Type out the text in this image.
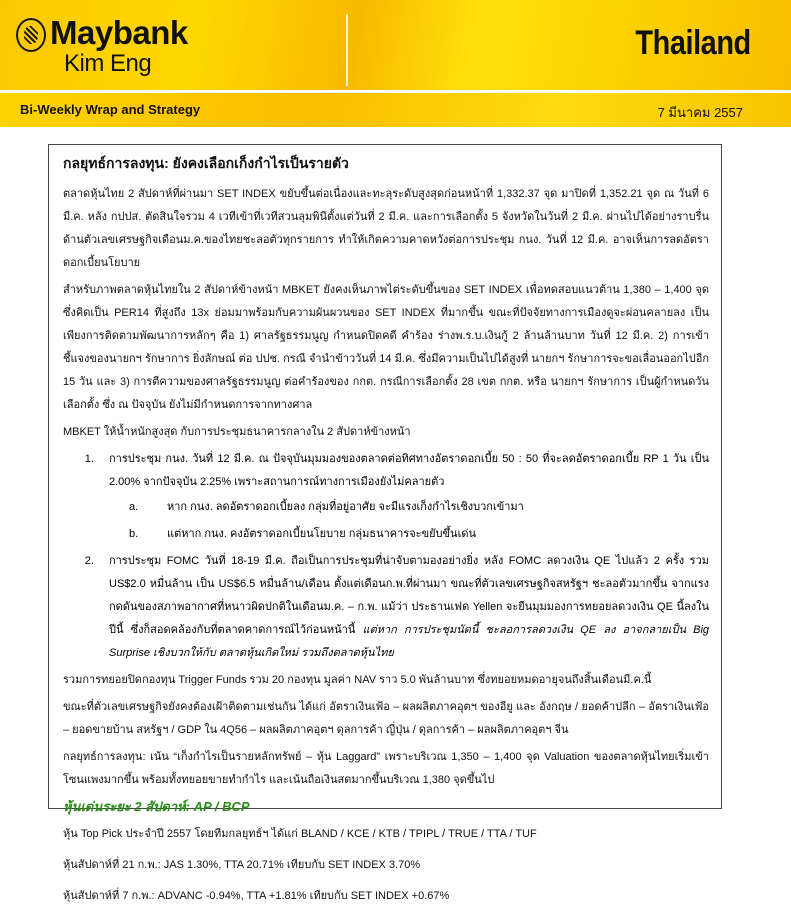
Maybank
Kim Eng
Thailand
Bi-Weekly Wrap and Strategy	7 มีนาคม 2557
กลยุทธ์การลงทุน: ยังคงเลือกเก็งกำไรเป็นรายตัว

ตลาดหุ้นไทย 2 สัปดาห์ที่ผ่านมา SET INDEX ขยับขึ้นต่อเนื่องและทะลุระดับสูงสุดก่อนหน้าที่ 1,332.37 จุด มาปิดที่ 1,352.21 จุด ณ วันที่ 6 มี.ค. หลัง กปปส. ตัดสินใจรวม 4 เวทีเข้าที่เวทีสวนลุมพินีตั้งแต่วันที่ 2 มี.ค. และการเลือกตั้ง 5 จังหวัดในวันที่ 2 มี.ค. ผ่านไปได้อย่างราบรื่น ด้านตัวเลขเศรษฐกิจเดือนม.ค.ของไทยชะลอตัวทุกรายการ ทำให้เกิดความคาดหวังต่อการประชุม กนง. วันที่ 12 มี.ค. อาจเห็นการลดอัตราดอกเบี้ยนโยบาย

สำหรับภาพตลาดหุ้นไทยใน 2 สัปดาห์ข้างหน้า MBKET ยังคงเห็นภาพไต่ระดับขึ้นของ SET INDEX เพื่อทดสอบแนวต้าน 1,380 – 1,400 จุด ซึ่งคิดเป็น PER14 ที่สูงถึง 13x ย่อมมาพร้อมกับความผันผวนของ SET INDEX ที่มากขึ้น ขณะที่ปัจจัยทางการเมืองดูจะผ่อนคลายลง เป็นเพียงการติดตามพัฒนาการหลักๆ คือ 1) ศาลรัฐธรรมนูญ กำหนดปิดคดี คำร้อง ร่างพ.ร.บ.เงินกู้ 2 ล้านล้านบาท วันที่ 12 มี.ค. 2) การเข้าชี้แจงของนายกฯ รักษาการ ยิ่งลักษณ์ ต่อ ปปช. กรณี จำนำข้าววันที่ 14 มี.ค. ซึ่งมีความเป็นไปได้สูงที่ นายกฯ รักษาการจะขอเลื่อนออกไปอีก 15 วัน และ 3) การตีความของศาลรัฐธรรมนูญ ต่อคำร้องของ กกต. กรณีการเลือกตั้ง 28 เขต กกต. หรือ นายกฯ รักษาการ เป็นผู้กำหนดวันเลือกตั้ง ซึ่ง ณ ปัจจุบัน ยังไม่มีกำหนดการจากทางศาล

MBKET ให้น้ำหนักสูงสุด กับการประชุมธนาคารกลางใน 2 สัปดาห์ข้างหน้า

1. การประชุม กนง. วันที่ 12 มี.ค. ณ ปัจจุบันมุมมองของตลาดต่อทิศทางอัตราดอกเบี้ย 50 : 50 ที่จะลดอัตราดอกเบี้ย RP 1 วัน เป็น 2.00% จากปัจจุบัน 2.25% เพราะสถานการณ์ทางการเมืองยังไม่คลายตัว
a.	หาก กนง. ลดอัตราดอกเบี้ยลง กลุ่มที่อยู่อาศัย จะมีแรงเก็งกำไรเชิงบวกเข้ามา
b.	แต่หาก กนง. คงอัตราดอกเบี้ยนโยบาย กลุ่มธนาคารจะขยับขึ้นเด่น
2. การประชุม FOMC วันที่ 18-19 มี.ค. ถือเป็นการประชุมที่น่าจับตามองอย่างยิ่ง หลัง FOMC ลดวงเงิน QE ไปแล้ว 2 ครั้ง รวม US$2.0 หมื่นล้าน เป็น US$6.5 หมื่นล้าน/เดือน ตั้งแต่เดือนก.พ.ที่ผ่านมา ขณะที่ตัวเลขเศรษฐกิจสหรัฐฯ ชะลอตัวมากขึ้น จากแรงกดดันของสภาพอากาศที่หนาวผิดปกติในเดือนม.ค. – ก.พ. แม้ว่า ประธานเฟด Yellen จะยืนมุมมองการทยอยลดวงเงิน QE นี้ลงในปีนี้ ซึ่งก็สอดคล้องกับที่ตลาดคาดการณ์ไว้ก่อนหน้านี้ แต่หาก การประชุมนัดนี้ ชะลอการลดวงเงิน QE ลง อาจกลายเป็น Big Surprise เชิงบวกให้กับ ตลาดหุ้นเกิดใหม่ รวมถึงตลาดหุ้นไทย

รวมการทยอยปิดกองทุน Trigger Funds รวม 20 กองทุน มูลค่า NAV ราว 5.0 พันล้านบาท ซึ่งทยอยหมดอายุจนถึงสิ้นเดือนมี.ค.นี้

ขณะที่ตัวเลขเศรษฐกิจยังคงต้องเฝ้าติดตามเช่นกัน ได้แก่ อัตราเงินเฟ้อ – ผลผลิตภาคอุตฯ ของอียู และ อังกฤษ / ยอดค้าปลีก – อัตราเงินเฟ้อ – ยอดขายบ้าน สหรัฐฯ / GDP ใน 4Q56 – ผลผลิตภาคอุตฯ ดุลการค้า ญี่ปุ่น / ดุลการค้า – ผลผลิตภาคอุตฯ จีน

กลยุทธ์การลงทุน: เน้น “เก็งกำไรเป็นรายหลักทรัพย์ – หุ้น Laggard” เพราะบริเวณ 1,350 – 1,400 จุด Valuation ของตลาดหุ้นไทยเริ่มเข้าโซนแพงมากขึ้น พร้อมทั้งทยอยขายทำกำไร และเน้นถือเงินสดมากขึ้นบริเวณ 1,380 จุดขึ้นไป

หุ้นเด่นระยะ 2 สัปดาห์: AP / BCP

หุ้น Top Pick ประจำปี 2557 โดยทีมกลยุทธ์ฯ ได้แก่ BLAND / KCE / KTB / TPIPL / TRUE / TTA / TUF

หุ้นสัปดาห์ที่ 21 ก.พ.: JAS 1.30%, TTA 20.71% เทียบกับ SET INDEX 3.70%

หุ้นสัปดาห์ที่ 7 ก.พ.: ADVANC -0.94%, TTA +1.81% เทียบกับ SET INDEX +0.67%
